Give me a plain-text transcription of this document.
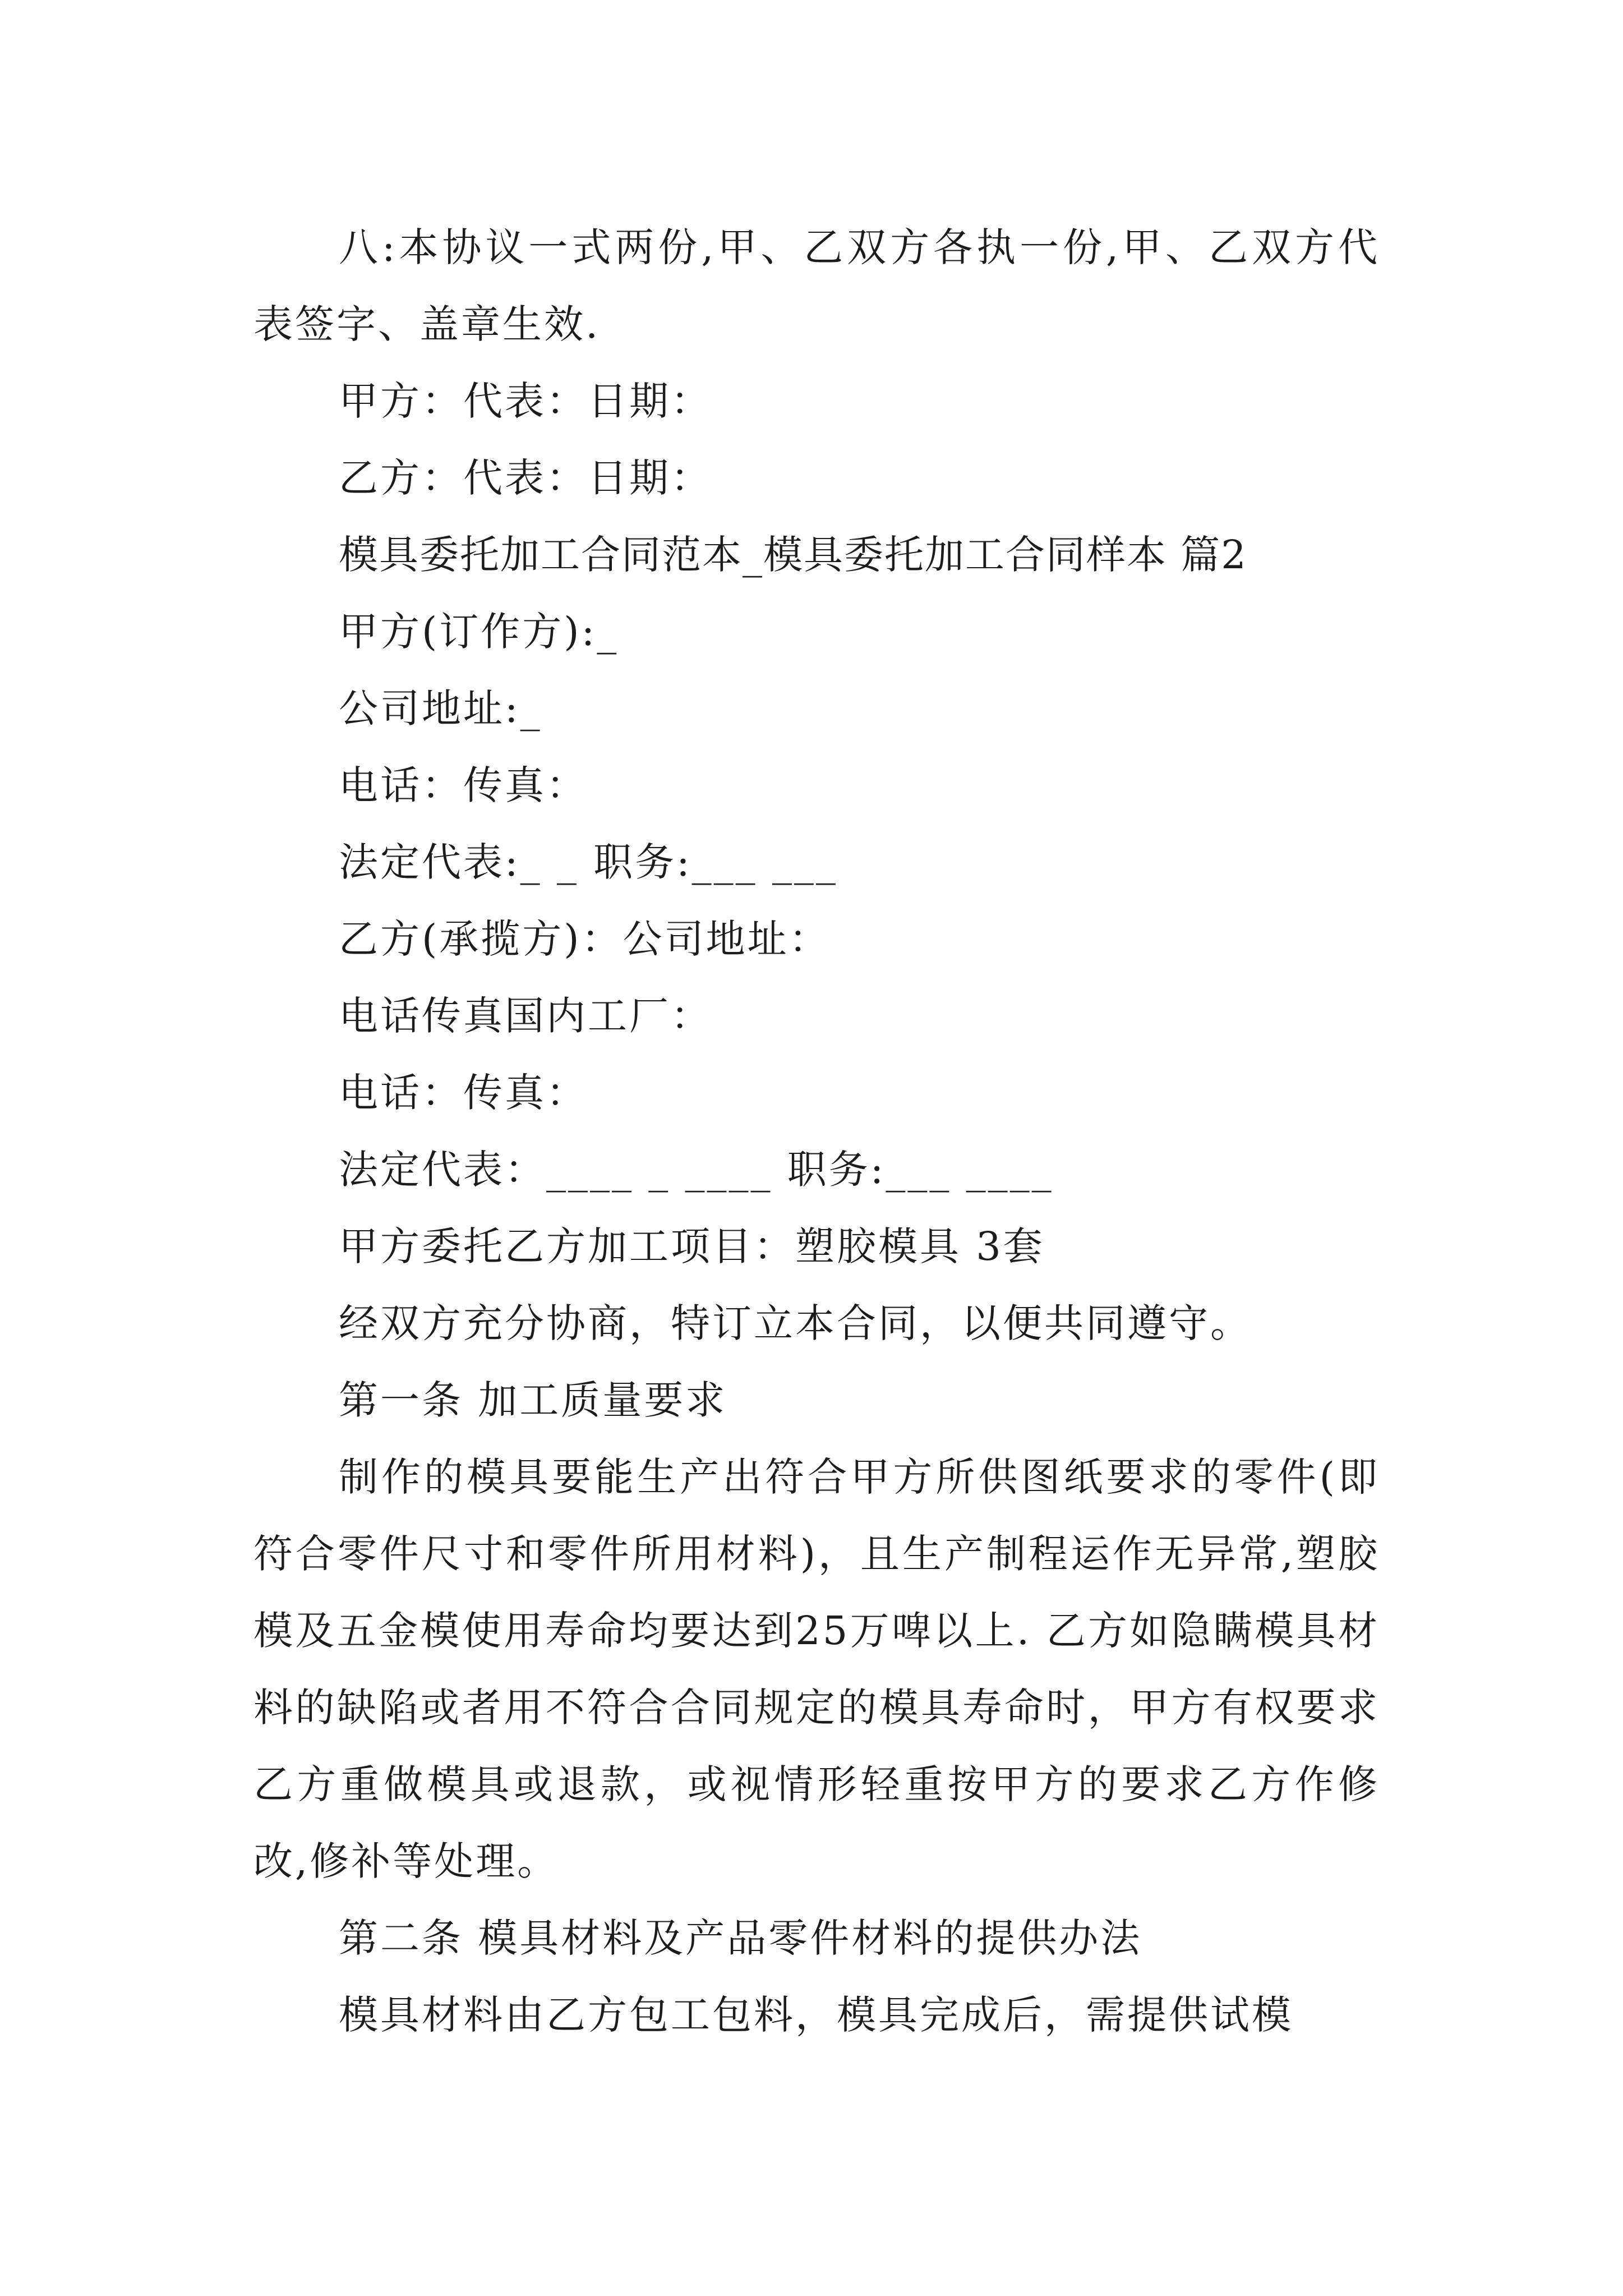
八:本协议一式两份,甲、乙双方各执一份,甲、乙双方代表签字、盖章生效.

甲方：代表：日期：

乙方：代表：日期：

模具委托加工合同范本_模具委托加工合同样本 篇2

甲方(订作方):_

公司地址:_

电话：传真：

法定代表:_ _ 职务:___ ___

乙方(承揽方)：公司地址：

电话传真国内工厂：

电话：传真：

法定代表：____ _ ____ 职务:___ ____

甲方委托乙方加工项目：塑胶模具 3套

经双方充分协商，特订立本合同，以便共同遵守。

第一条 加工质量要求

制作的模具要能生产出符合甲方所供图纸要求的零件(即符合零件尺寸和零件所用材料)，且生产制程运作无异常,塑胶模及五金模使用寿命均要达到25万啤以上. 乙方如隐瞒模具材料的缺陷或者用不符合合同规定的模具寿命时，甲方有权要求乙方重做模具或退款，或视情形轻重按甲方的要求乙方作修改,修补等处理。

第二条 模具材料及产品零件材料的提供办法

模具材料由乙方包工包料，模具完成后，需提供试模
